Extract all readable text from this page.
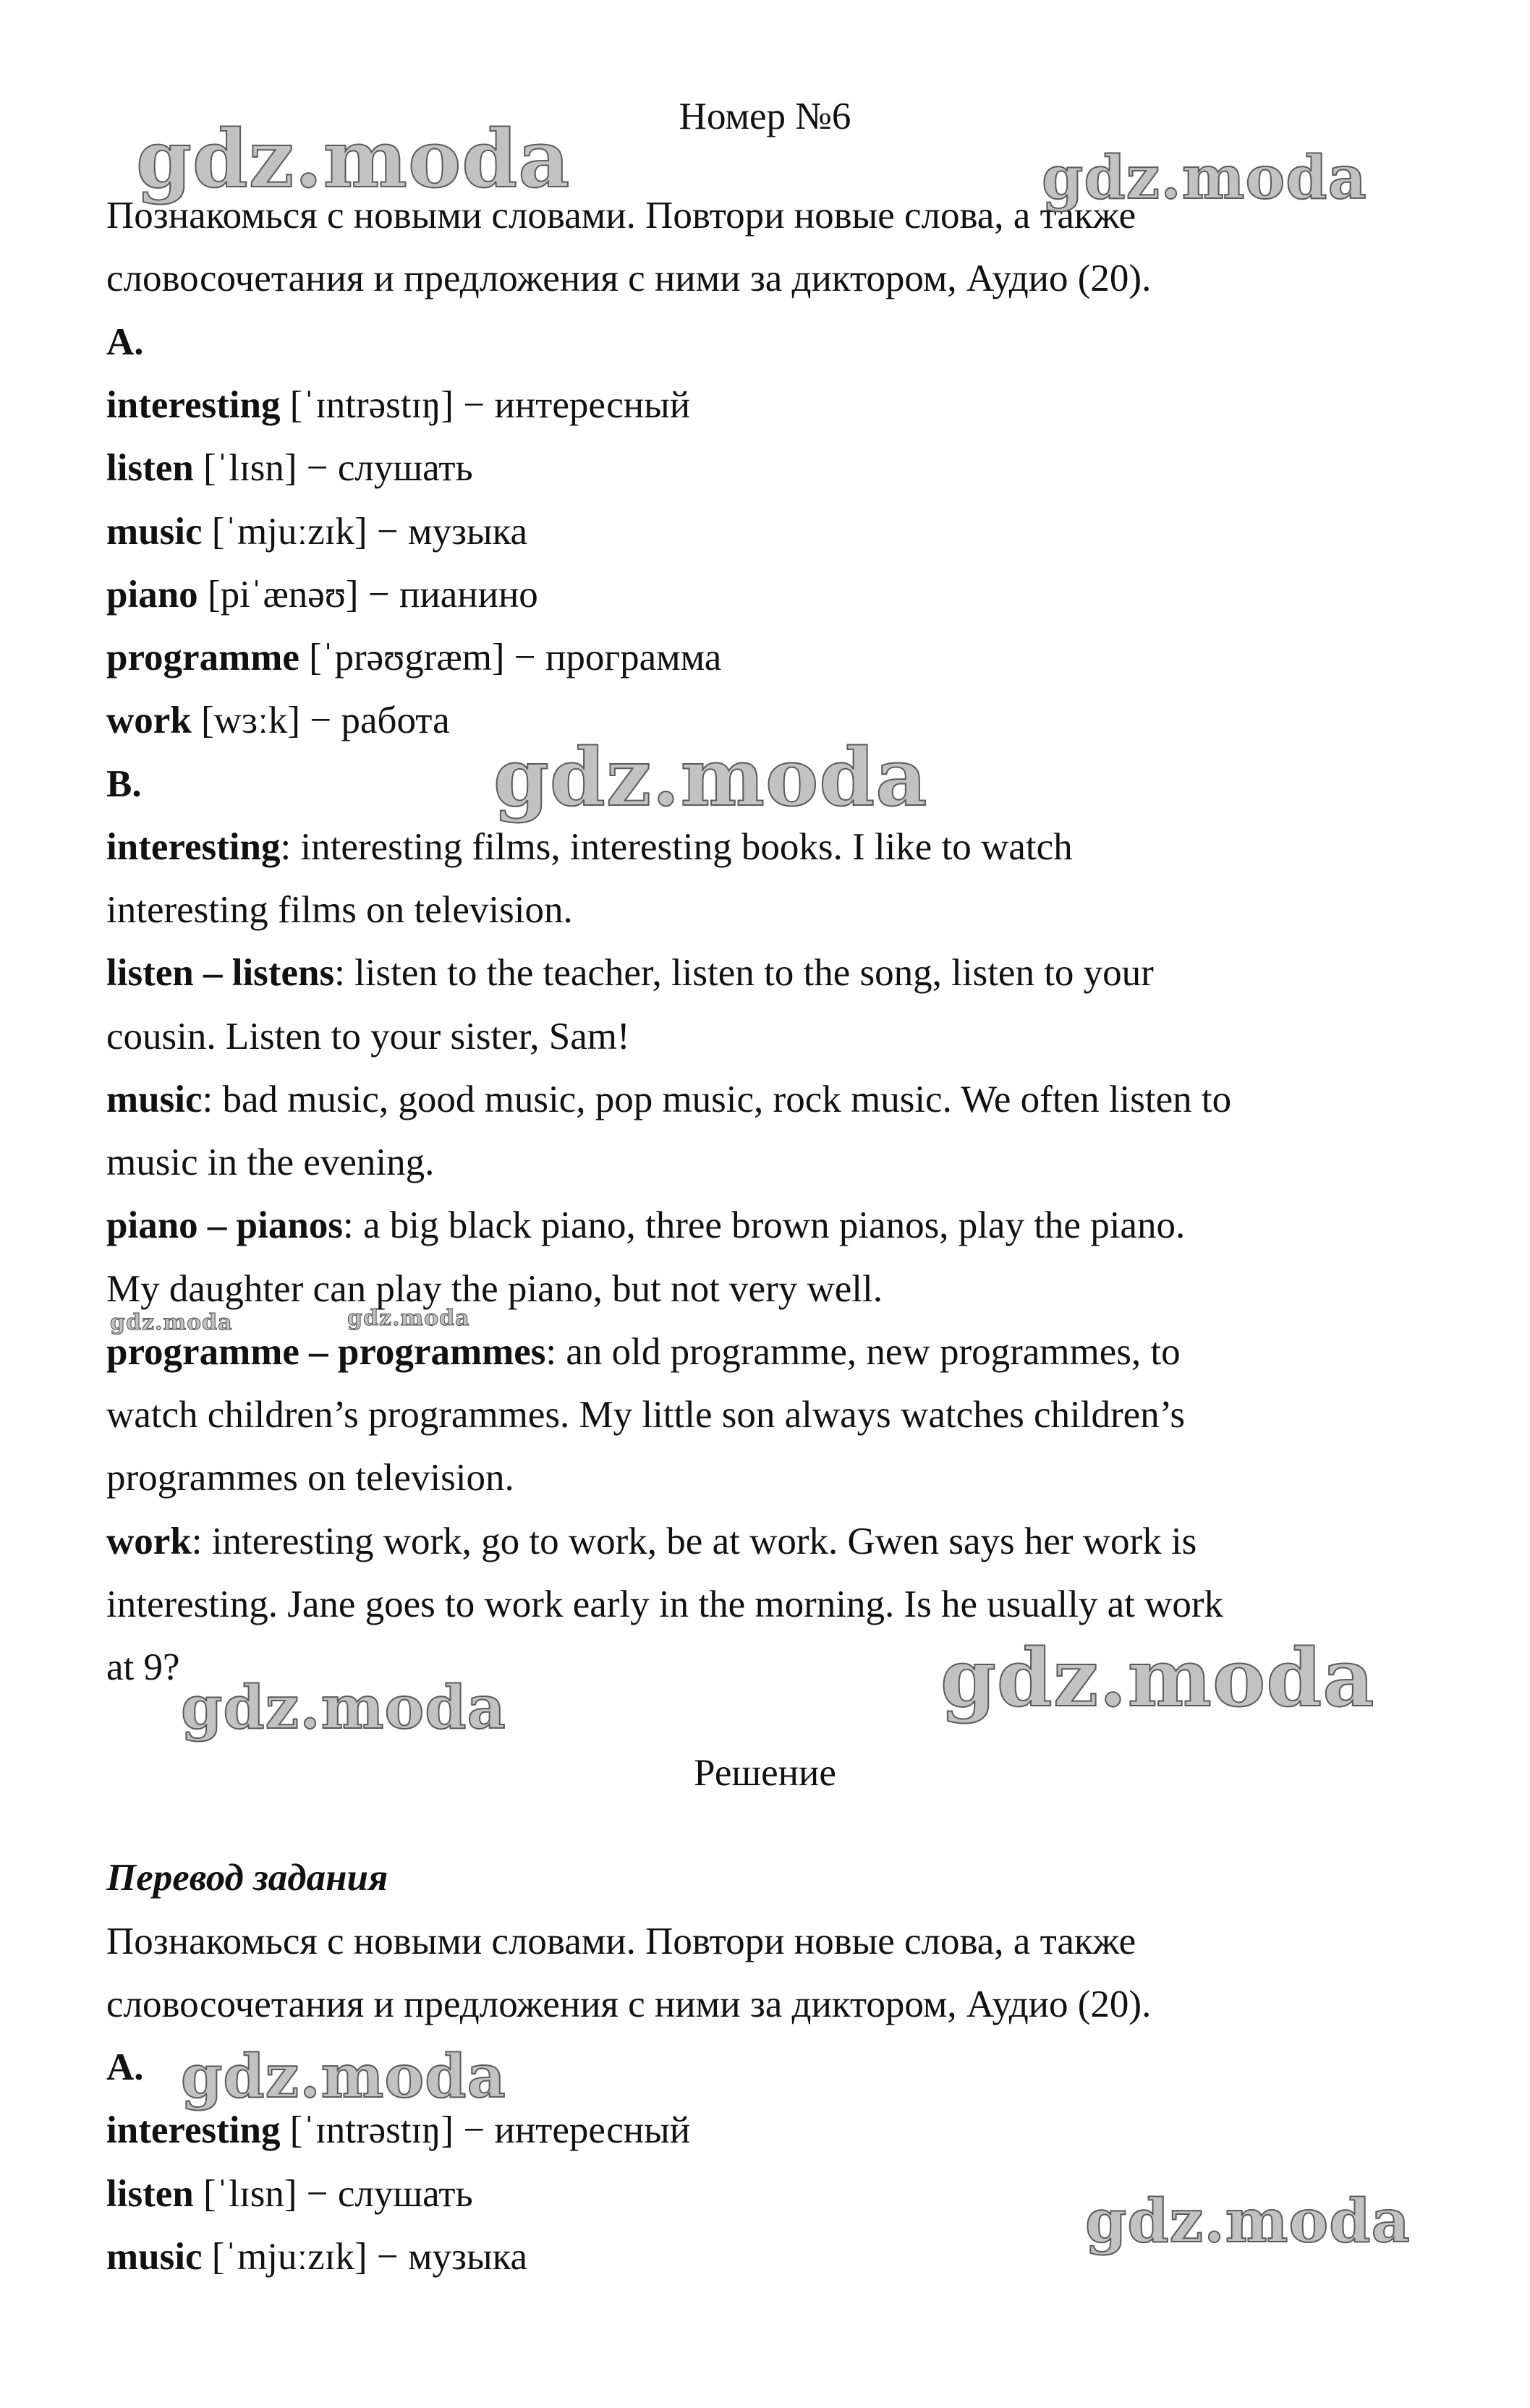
Номер №6

Познакомься с новыми словами. Повтори новые слова, а также

словосочетания и предложения с ними за диктором, Аудио (20).

A.

interesting [ˈɪntrəstɪŋ] − интересный

listen [ˈlɪsn] − слушать

music [ˈmjuːzɪk] − музыка

piano [piˈænəʊ] − пианино

programme [ˈprəʊgræm] − программа

work [wɜːk] − работа

B.

interesting: interesting films, interesting books. I like to watch

interesting films on television.

listen – listens: listen to the teacher, listen to the song, listen to your

cousin. Listen to your sister, Sam!

music: bad music, good music, pop music, rock music. We often listen to

music in the evening.

piano – pianos: a big black piano, three brown pianos, play the piano.

My daughter can play the piano, but not very well.

programme – programmes: an old programme, new programmes, to

watch children’s programmes. My little son always watches children’s

programmes on television.

work: interesting work, go to work, be at work. Gwen says her work is

interesting. Jane goes to work early in the morning. Is he usually at work

at 9?

Решение

Перевод задания

Познакомься с новыми словами. Повтори новые слова, а также

словосочетания и предложения с ними за диктором, Аудио (20).

A.

interesting [ˈɪntrəstɪŋ] − интересный

listen [ˈlɪsn] − слушать

music [ˈmjuːzɪk] − музыка

gdz.moda	gdz.moda
gdz.moda
gdz.moda	gdz.moda
gdz.moda
gdz.moda
gdz.moda
gdz.moda
